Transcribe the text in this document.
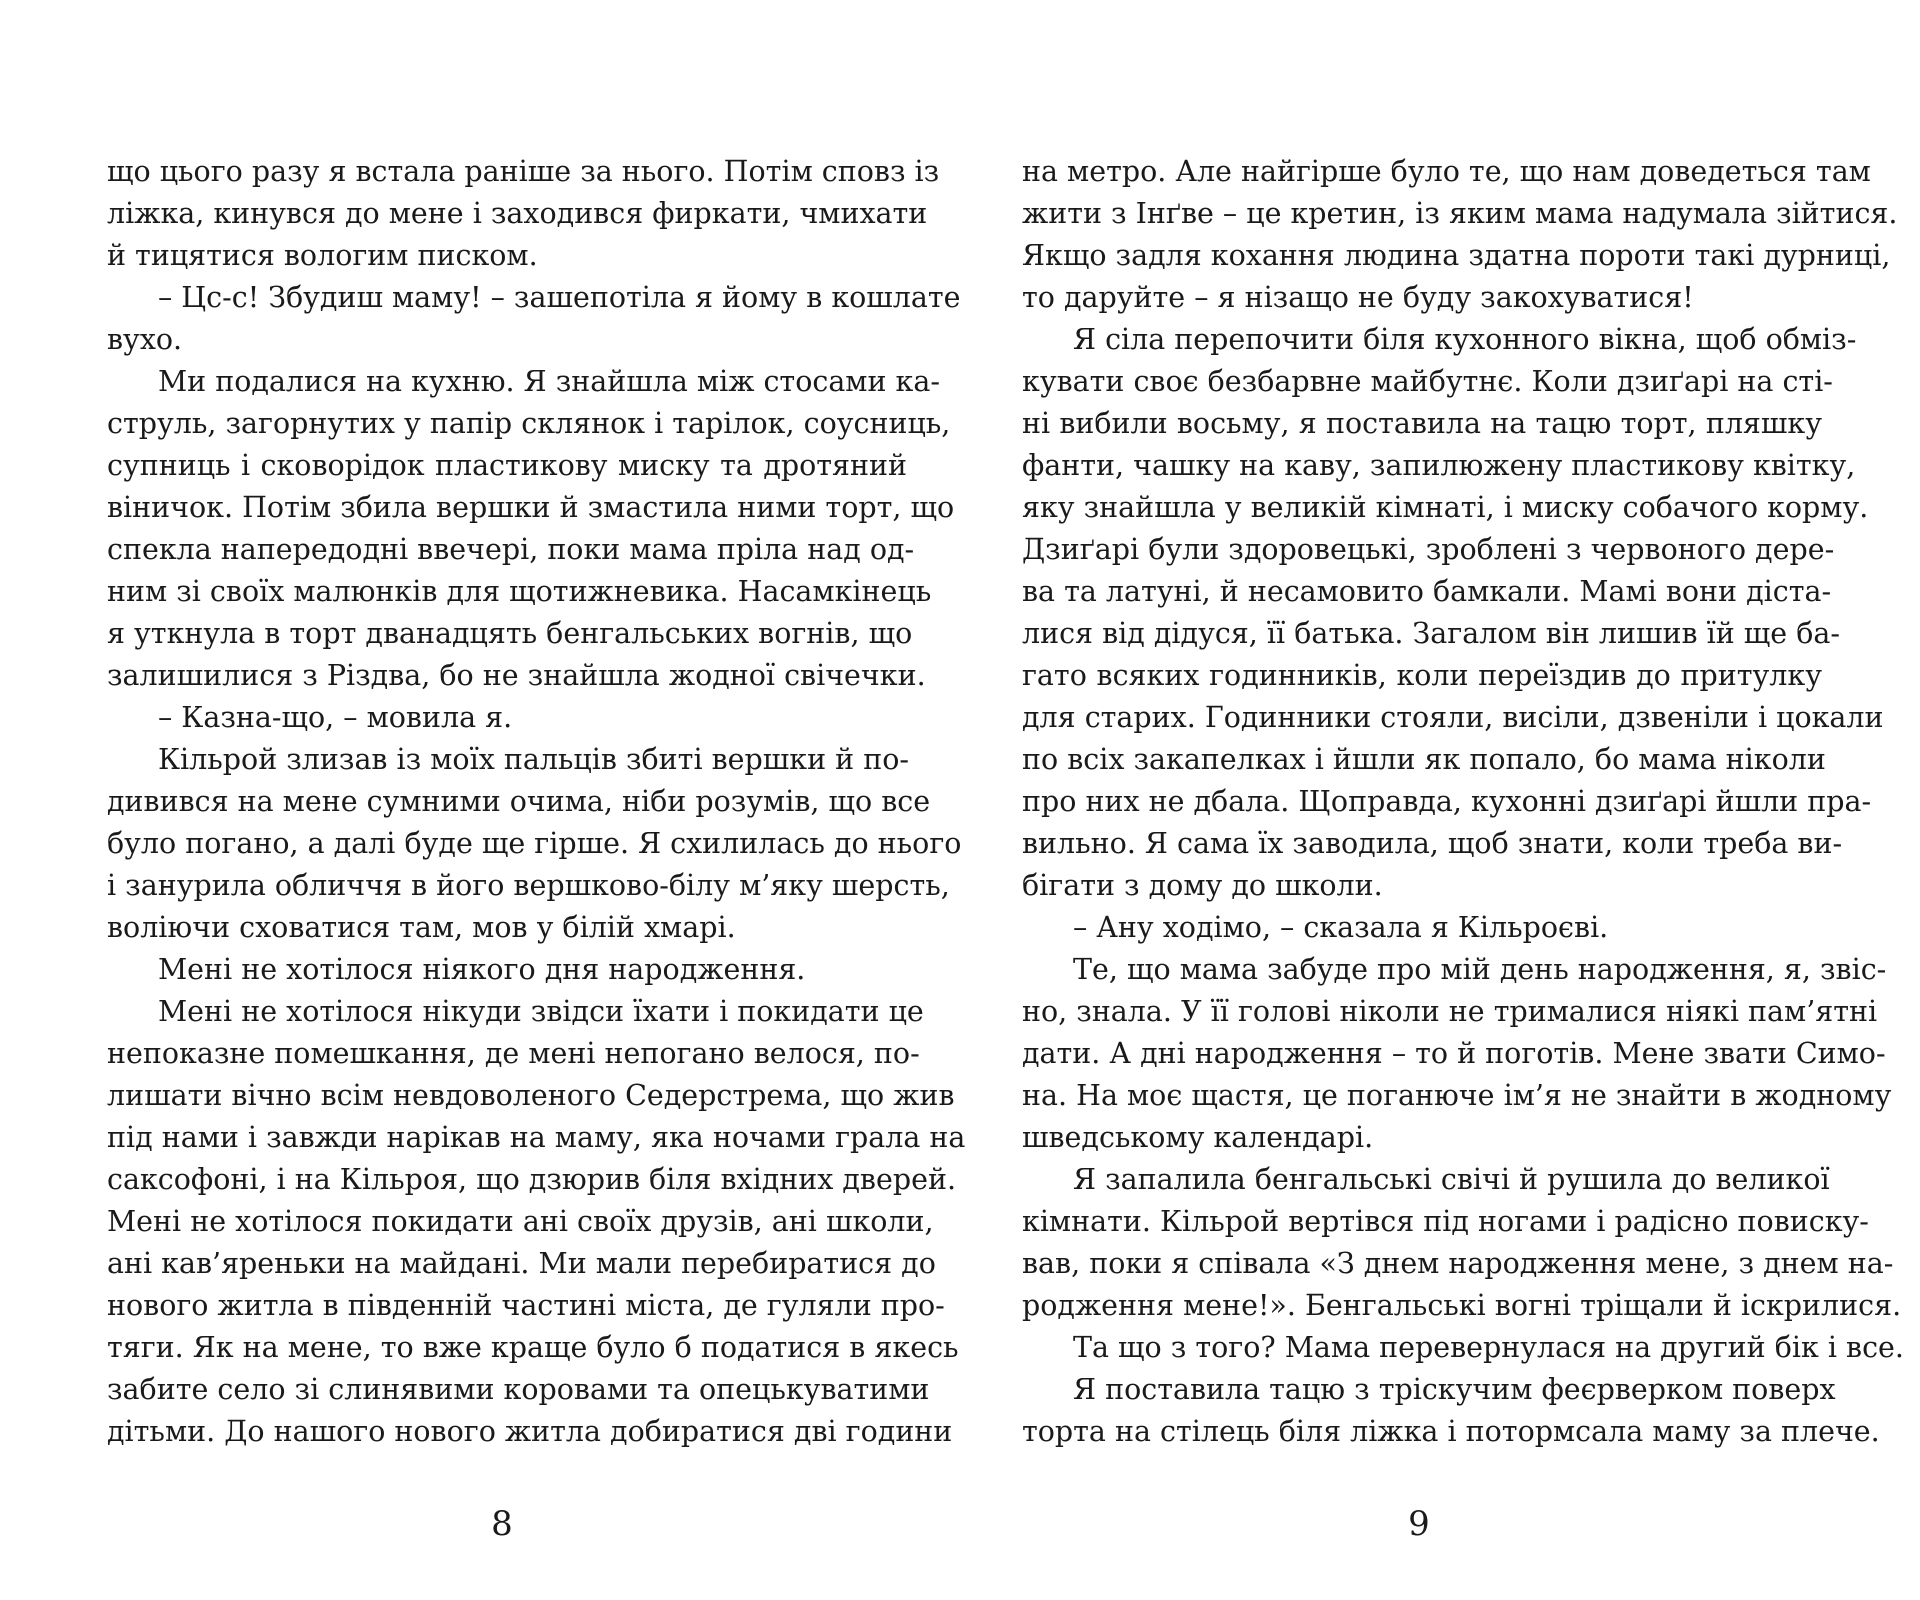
що цього разу я встала раніше за нього. Потім сповз із
ліжка, кинувся до мене і заходився фиркати, чмихати
й тицятися вологим писком.
– Цс-с! Збудиш маму! – зашепотіла я йому в кошлате
вухо.
Ми подалися на кухню. Я знайшла між стосами ка-
струль, загорнутих у папір склянок і тарілок, соусниць,
супниць і сковорідок пластикову миску та дротяний
віничок. Потім збила вершки й змастила ними торт, що
спекла напередодні ввечері, поки мама пріла над од-
ним зі своїх малюнків для щотижневика. Насамкінець
я уткнула в торт дванадцять бенгальських вогнів, що
залишилися з Різдва, бо не знайшла жодної свічечки.
– Казна-що, – мовила я.
Кільрой злизав із моїх пальців збиті вершки й по-
дивився на мене сумними очима, ніби розумів, що все
було погано, а далі буде ще гірше. Я схилилась до нього
і занурила обличчя в його вершково-білу м’яку шерсть,
воліючи сховатися там, мов у білій хмарі.
Мені не хотілося ніякого дня народження.
Мені не хотілося нікуди звідси їхати і покидати це
непоказне помешкання, де мені непогано велося, по-
лишати вічно всім невдоволеного Седерстрема, що жив
під нами і завжди нарікав на маму, яка ночами грала на
саксофоні, і на Кільроя, що дзюрив біля вхідних дверей.
Мені не хотілося покидати ані своїх друзів, ані школи,
ані кав’яреньки на майдані. Ми мали перебиратися до
нового житла в південній частині міста, де гуляли про-
тяги. Як на мене, то вже краще було б податися в якесь
забите село зі слинявими коровами та опецькуватими
дітьми. До нашого нового житла добиратися дві години
на метро. Але найгірше було те, що нам доведеться там
жити з Інґве – це кретин, із яким мама надумала зійтися.
Якщо задля кохання людина здатна пороти такі дурниці,
то даруйте – я нізащо не буду закохуватися!
Я сіла перепочити біля кухонного вікна, щоб обміз-
кувати своє безбарвне майбутнє. Коли дзиґарі на сті-
ні вибили восьму, я поставила на тацю торт, пляшку
фанти, чашку на каву, запилюжену пластикову квітку,
яку знайшла у великій кімнаті, і миску собачого корму.
Дзиґарі були здоровецькі, зроблені з червоного дере-
ва та латуні, й несамовито бамкали. Мамі вони діста-
лися від дідуся, її батька. Загалом він лишив їй ще ба-
гато всяких годинників, коли переїздив до притулку
для старих. Годинники стояли, висіли, дзвеніли і цокали
по всіх закапелках і йшли як попало, бо мама ніколи
про них не дбала. Щоправда, кухонні дзиґарі йшли пра-
вильно. Я сама їх заводила, щоб знати, коли треба ви-
бігати з дому до школи.
– Ану ходімо, – сказала я Кільроєві.
Те, що мама забуде про мій день народження, я, звіс-
но, знала. У її голові ніколи не трималися ніякі пам’ятні
дати. А дні народження – то й поготів. Мене звати Симо-
на. На моє щастя, це поганюче ім’я не знайти в жодному
шведському календарі.
Я запалила бенгальські свічі й рушила до великої
кімнати. Кільрой вертівся під ногами і радісно повиску-
вав, поки я співала «З днем народження мене, з днем на-
родження мене!». Бенгальські вогні тріщали й іскрилися.
Та що з того? Мама перевернулася на другий бік і все.
Я поставила тацю з тріскучим феєрверком поверх
торта на стілець біля ліжка і потормсала маму за плече.
8	9
